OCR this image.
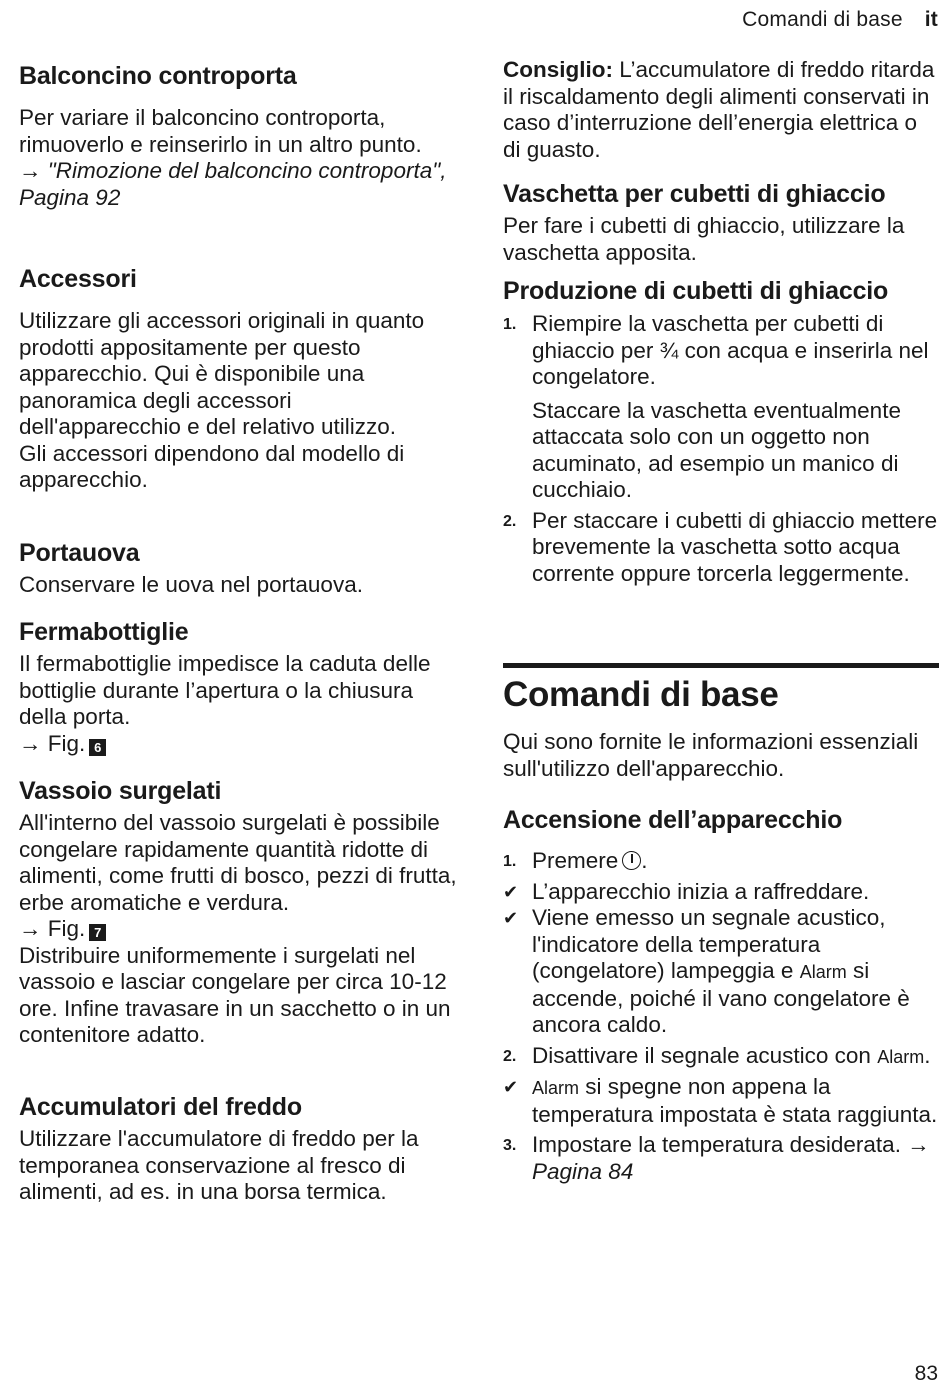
Comandi di base it
Balconcino controporta

Per variare il balconcino controporta, rimuoverlo e reinserirlo in un altro punto.

→ "Rimozione del balconcino controporta", Pagina 92

Accessori

Utilizzare gli accessori originali in quanto prodotti appositamente per questo apparecchio. Qui è disponibile una panoramica degli accessori dell'apparecchio e del relativo utilizzo.

Gli accessori dipendono dal modello di apparecchio.

Portauova

Conservare le uova nel portauova.

Fermabottiglie

Il fermabottiglie impedisce la caduta delle bottiglie durante l’apertura o la chiusura della porta.

→ Fig. 6

Vassoio surgelati

All'interno del vassoio surgelati è possibile congelare rapidamente quantità ridotte di alimenti, come frutti di bosco, pezzi di frutta, erbe aromatiche e verdura.

→ Fig. 7

Distribuire uniformemente i surgelati nel vassoio e lasciar congelare per circa 10-12 ore. Infine travasare in un sacchetto o in un contenitore adatto.

Accumulatori del freddo

Utilizzare l'accumulatore di freddo per la temporanea conservazione al fresco di alimenti, ad es. in una borsa termica.

Consiglio: L’accumulatore di freddo ritarda il riscaldamento degli alimenti conservati in caso d’interruzione dell’energia elettrica o di guasto.

Vaschetta per cubetti di ghiaccio

Per fare i cubetti di ghiaccio, utilizzare la vaschetta apposita.

Produzione di cubetti di ghiaccio
1. Riempire la vaschetta per cubetti di ghiaccio per ¾ con acqua e inserirla nel congelatore.
Staccare la vaschetta eventualmente attaccata solo con un oggetto non acuminato, ad esempio un manico di cucchiaio.
2. Per staccare i cubetti di ghiaccio mettere brevemente la vaschetta sotto acqua corrente oppure torcerla leggermente.
Comandi di base

Qui sono fornite le informazioni essenziali sull'utilizzo dell'apparecchio.

Accensione dell’apparecchio
1. Premere .
✔ L’apparecchio inizia a raffreddare.
✔ Viene emesso un segnale acustico, l'indicatore della temperatura (congelatore) lampeggia e Alarm si accende, poiché il vano congelatore è ancora caldo.
2. Disattivare il segnale acustico con Alarm.
✔ Alarm si spegne non appena la temperatura impostata è stata raggiunta.
3. Impostare la temperatura desiderata. → Pagina 84
83
